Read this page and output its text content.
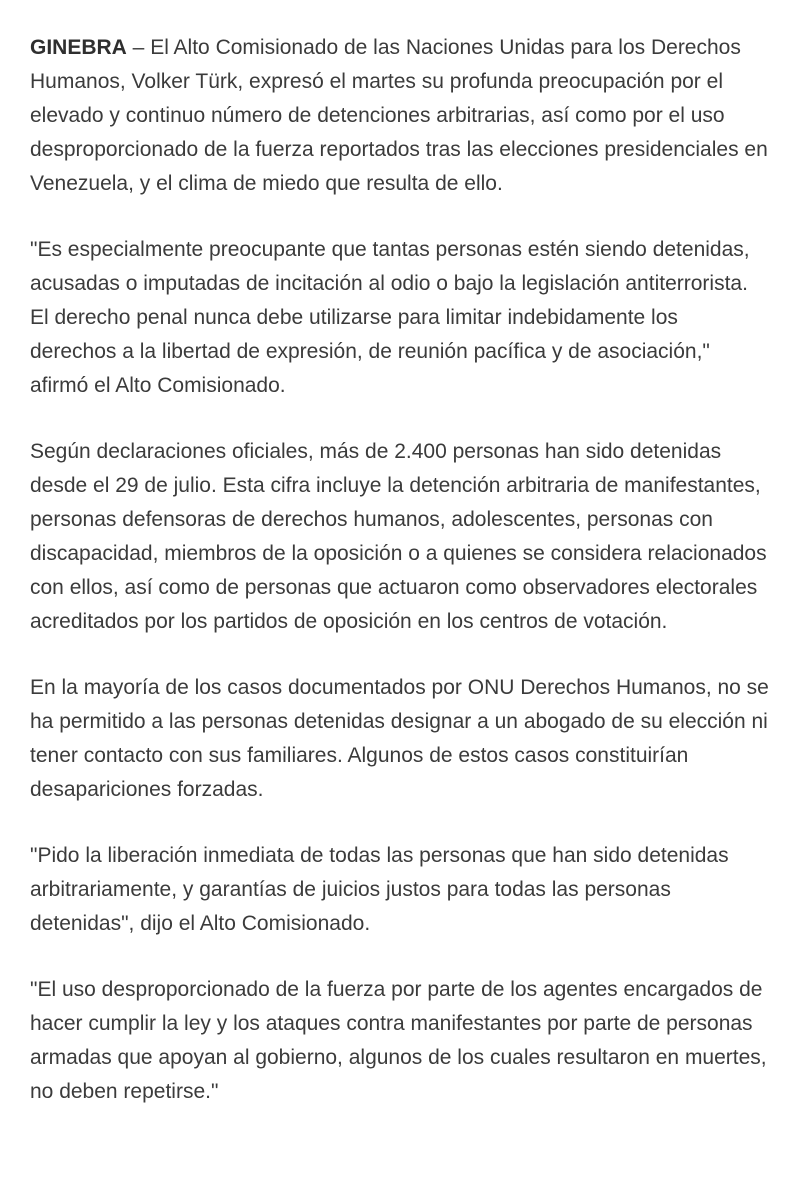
GINEBRA – El Alto Comisionado de las Naciones Unidas para los Derechos Humanos, Volker Türk, expresó el martes su profunda preocupación por el elevado y continuo número de detenciones arbitrarias, así como por el uso desproporcionado de la fuerza reportados tras las elecciones presidenciales en Venezuela, y el clima de miedo que resulta de ello.

"Es especialmente preocupante que tantas personas estén siendo detenidas, acusadas o imputadas de incitación al odio o bajo la legislación antiterrorista. El derecho penal nunca debe utilizarse para limitar indebidamente los derechos a la libertad de expresión, de reunión pacífica y de asociación," afirmó el Alto Comisionado.

Según declaraciones oficiales, más de 2.400 personas han sido detenidas desde el 29 de julio. Esta cifra incluye la detención arbitraria de manifestantes, personas defensoras de derechos humanos, adolescentes, personas con discapacidad, miembros de la oposición o a quienes se considera relacionados con ellos, así como de personas que actuaron como observadores electorales acreditados por los partidos de oposición en los centros de votación.

En la mayoría de los casos documentados por ONU Derechos Humanos, no se ha permitido a las personas detenidas designar a un abogado de su elección ni tener contacto con sus familiares. Algunos de estos casos constituirían desapariciones forzadas.

"Pido la liberación inmediata de todas las personas que han sido detenidas arbitrariamente, y garantías de juicios justos para todas las personas detenidas", dijo el Alto Comisionado.

"El uso desproporcionado de la fuerza por parte de los agentes encargados de hacer cumplir la ley y los ataques contra manifestantes por parte de personas armadas que apoyan al gobierno, algunos de los cuales resultaron en muertes, no deben repetirse."
